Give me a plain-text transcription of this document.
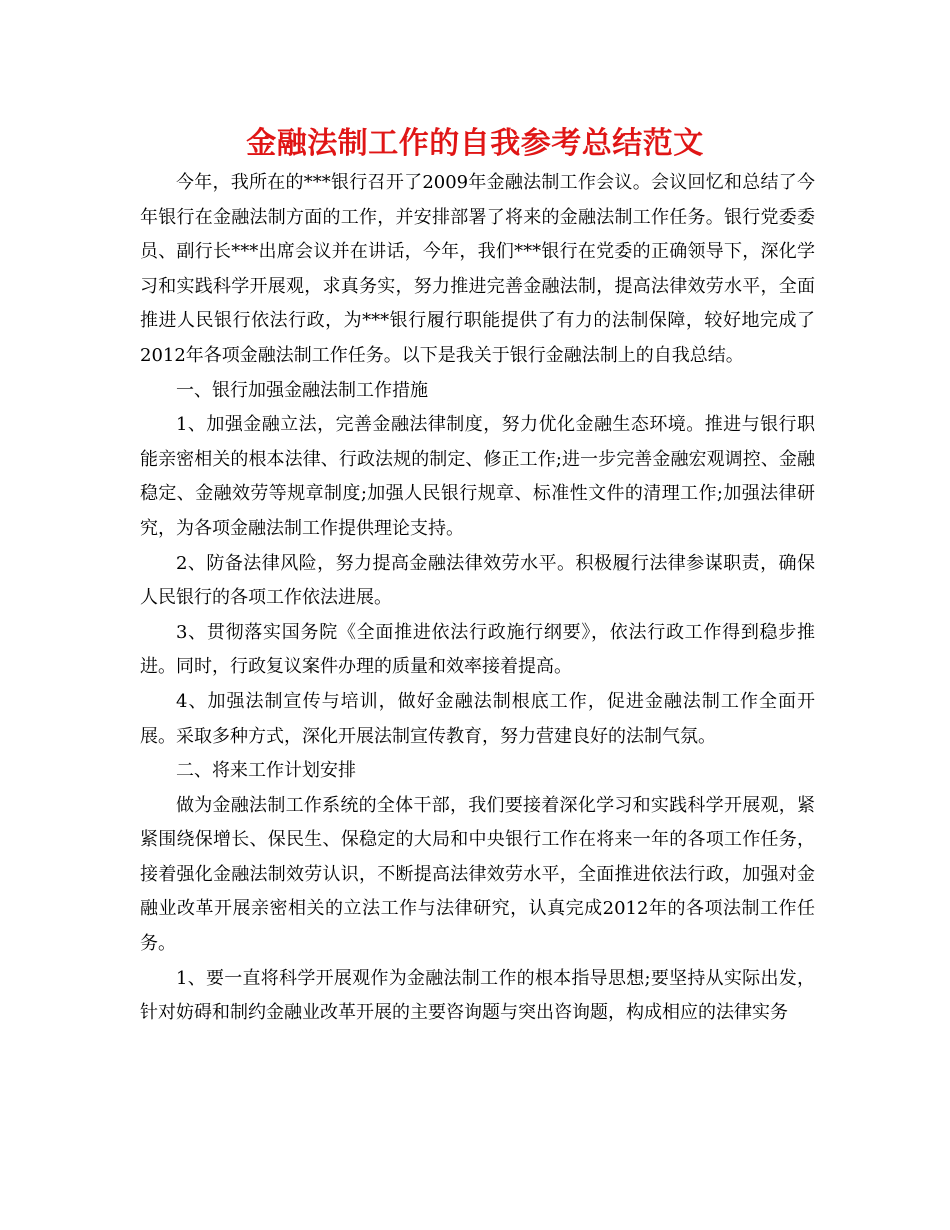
金融法制工作的自我参考总结范文

今年，我所在的***银行召开了2009年金融法制工作会议。会议回忆和总结了今年银行在金融法制方面的工作，并安排部署了将来的金融法制工作任务。银行党委委员、副行长***出席会议并在讲话，今年，我们***银行在党委的正确领导下，深化学习和实践科学开展观，求真务实，努力推进完善金融法制，提高法律效劳水平，全面推进人民银行依法行政，为***银行履行职能提供了有力的法制保障，较好地完成了2012年各项金融法制工作任务。以下是我关于银行金融法制上的自我总结。

一、银行加强金融法制工作措施

1、加强金融立法，完善金融法律制度，努力优化金融生态环境。推进与银行职能亲密相关的根本法律、行政法规的制定、修正工作;进一步完善金融宏观调控、金融稳定、金融效劳等规章制度;加强人民银行规章、标准性文件的清理工作;加强法律研究，为各项金融法制工作提供理论支持。

2、防备法律风险，努力提高金融法律效劳水平。积极履行法律参谋职责，确保人民银行的各项工作依法进展。

3、贯彻落实国务院《全面推进依法行政施行纲要》，依法行政工作得到稳步推进。同时，行政复议案件办理的质量和效率接着提高。

4、加强法制宣传与培训，做好金融法制根底工作，促进金融法制工作全面开展。采取多种方式，深化开展法制宣传教育，努力营建良好的法制气氛。

二、将来工作计划安排

做为金融法制工作系统的全体干部，我们要接着深化学习和实践科学开展观，紧紧围绕保增长、保民生、保稳定的大局和中央银行工作在将来一年的各项工作任务，接着强化金融法制效劳认识，不断提高法律效劳水平，全面推进依法行政，加强对金融业改革开展亲密相关的立法工作与法律研究，认真完成2012年的各项法制工作任务。

1、要一直将科学开展观作为金融法制工作的根本指导思想;要坚持从实际出发，针对妨碍和制约金融业改革开展的主要咨询题与突出咨询题，构成相应的法律实务
